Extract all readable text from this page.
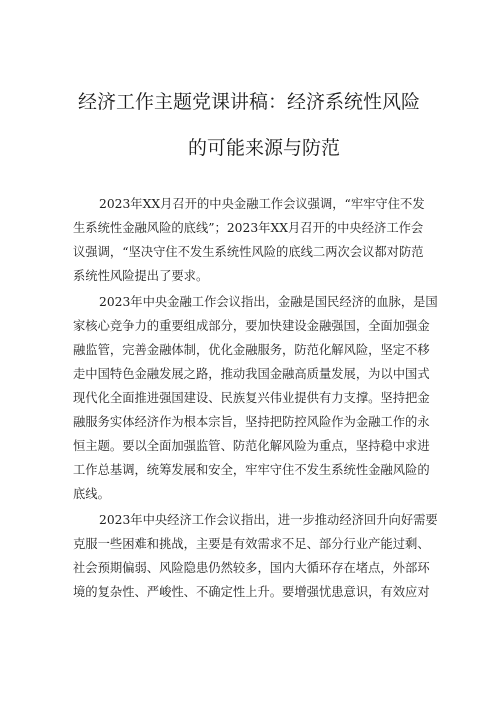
经济工作主题党课讲稿：经济系统性风险
的可能来源与防范

2023年XX月召开的中央金融工作会议强调，“牢牢守住不发

生系统性金融风险的底线”；2023年XX月召开的中央经济工作会

议强调，“坚决守住不发生系统性风险的底线二两次会议都对防范

系统性风险提出了要求。

2023年中央金融工作会议指出，金融是国民经济的血脉，是国

家核心竞争力的重要组成部分，要加快建设金融强国，全面加强金

融监管，完善金融体制，优化金融服务，防范化解风险，坚定不移

走中国特色金融发展之路，推动我国金融高质量发展，为以中国式

现代化全面推进强国建设、民族复兴伟业提供有力支撑。坚持把金

融服务实体经济作为根本宗旨，坚持把防控风险作为金融工作的永

恒主题。要以全面加强监管、防范化解风险为重点，坚持稳中求进

工作总基调，统筹发展和安全，牢牢守住不发生系统性金融风险的

底线。

2023年中央经济工作会议指出，进一步推动经济回升向好需要

克服一些困难和挑战，主要是有效需求不足、部分行业产能过剩、

社会预期偏弱、风险隐患仍然较多，国内大循环存在堵点，外部环

境的复杂性、严峻性、不确定性上升。要增强忧患意识，有效应对
